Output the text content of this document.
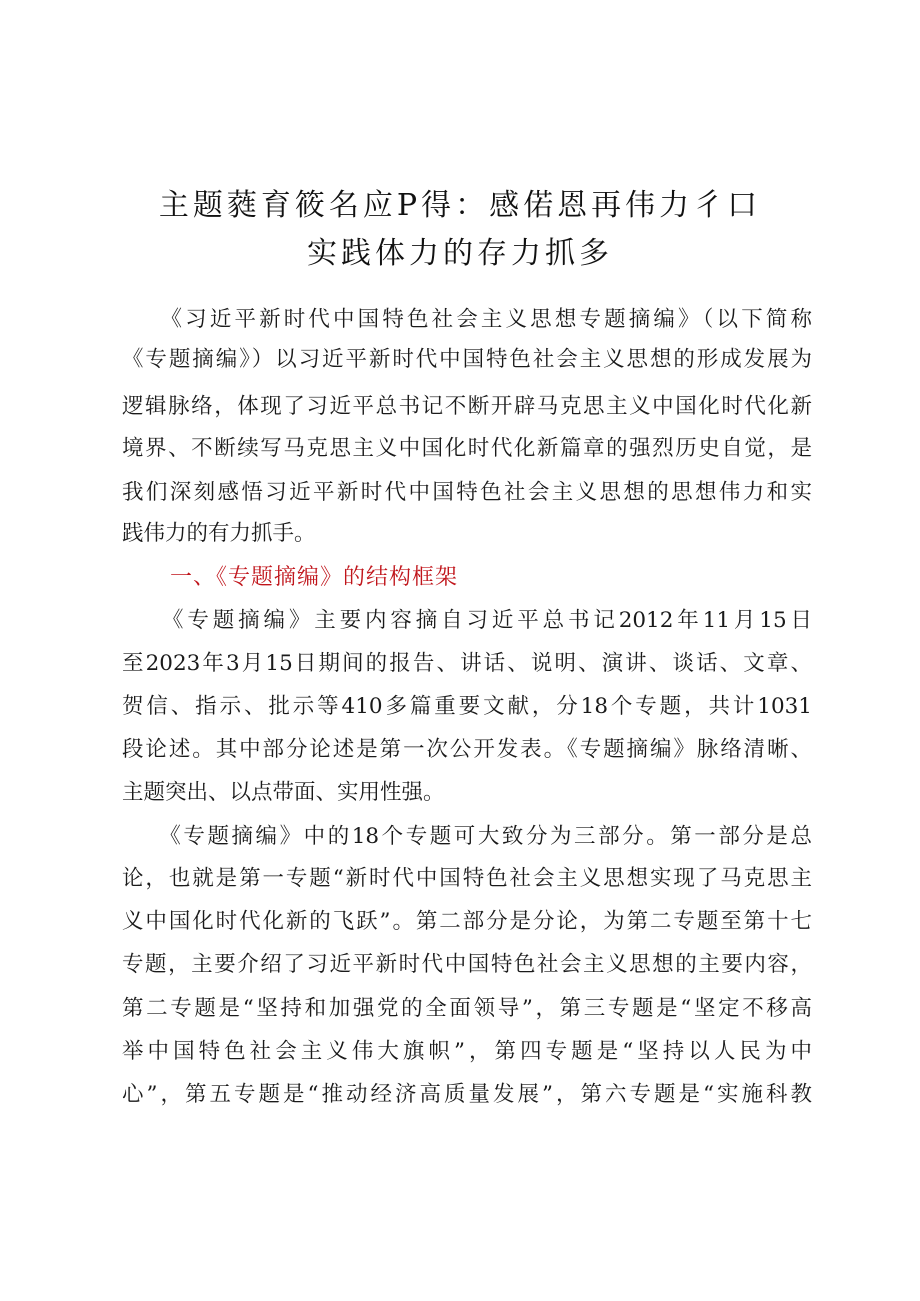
主题蕤育筱名应P得：感偌恩再伟力彳口
实践体力的存力抓多
　　《习近平新时代中国特色社会主义思想专题摘编》（以下简称
《专题摘编》）以习近平新时代中国特色社会主义思想的形成发展为
逻辑脉络，体现了习近平总书记不断开辟马克思主义中国化时代化新
境界、不断续写马克思主义中国化时代化新篇章的强烈历史自觉，是
我们深刻感悟习近平新时代中国特色社会主义思想的思想伟力和实
践伟力的有力抓手。
一、《专题摘编》的结构框架
　　《专题摘编》主要内容摘自习近平总书记2012年11月15日
至2023年3月15日期间的报告、讲话、说明、演讲、谈话、文章、
贺信、指示、批示等410多篇重要文献，分18个专题，共计1031
段论述。其中部分论述是第一次公开发表。《专题摘编》脉络清晰、
主题突出、以点带面、实用性强。
　　《专题摘编》中的18个专题可大致分为三部分。第一部分是总
论，也就是第一专题“新时代中国特色社会主义思想实现了马克思主
义中国化时代化新的飞跃”。第二部分是分论，为第二专题至第十七
专题，主要介绍了习近平新时代中国特色社会主义思想的主要内容，
第二专题是“坚持和加强党的全面领导”，第三专题是“坚定不移高
举中国特色社会主义伟大旗帜”，第四专题是“坚持以人民为中
心”，第五专题是“推动经济高质量发展”，第六专题是“实施科教
